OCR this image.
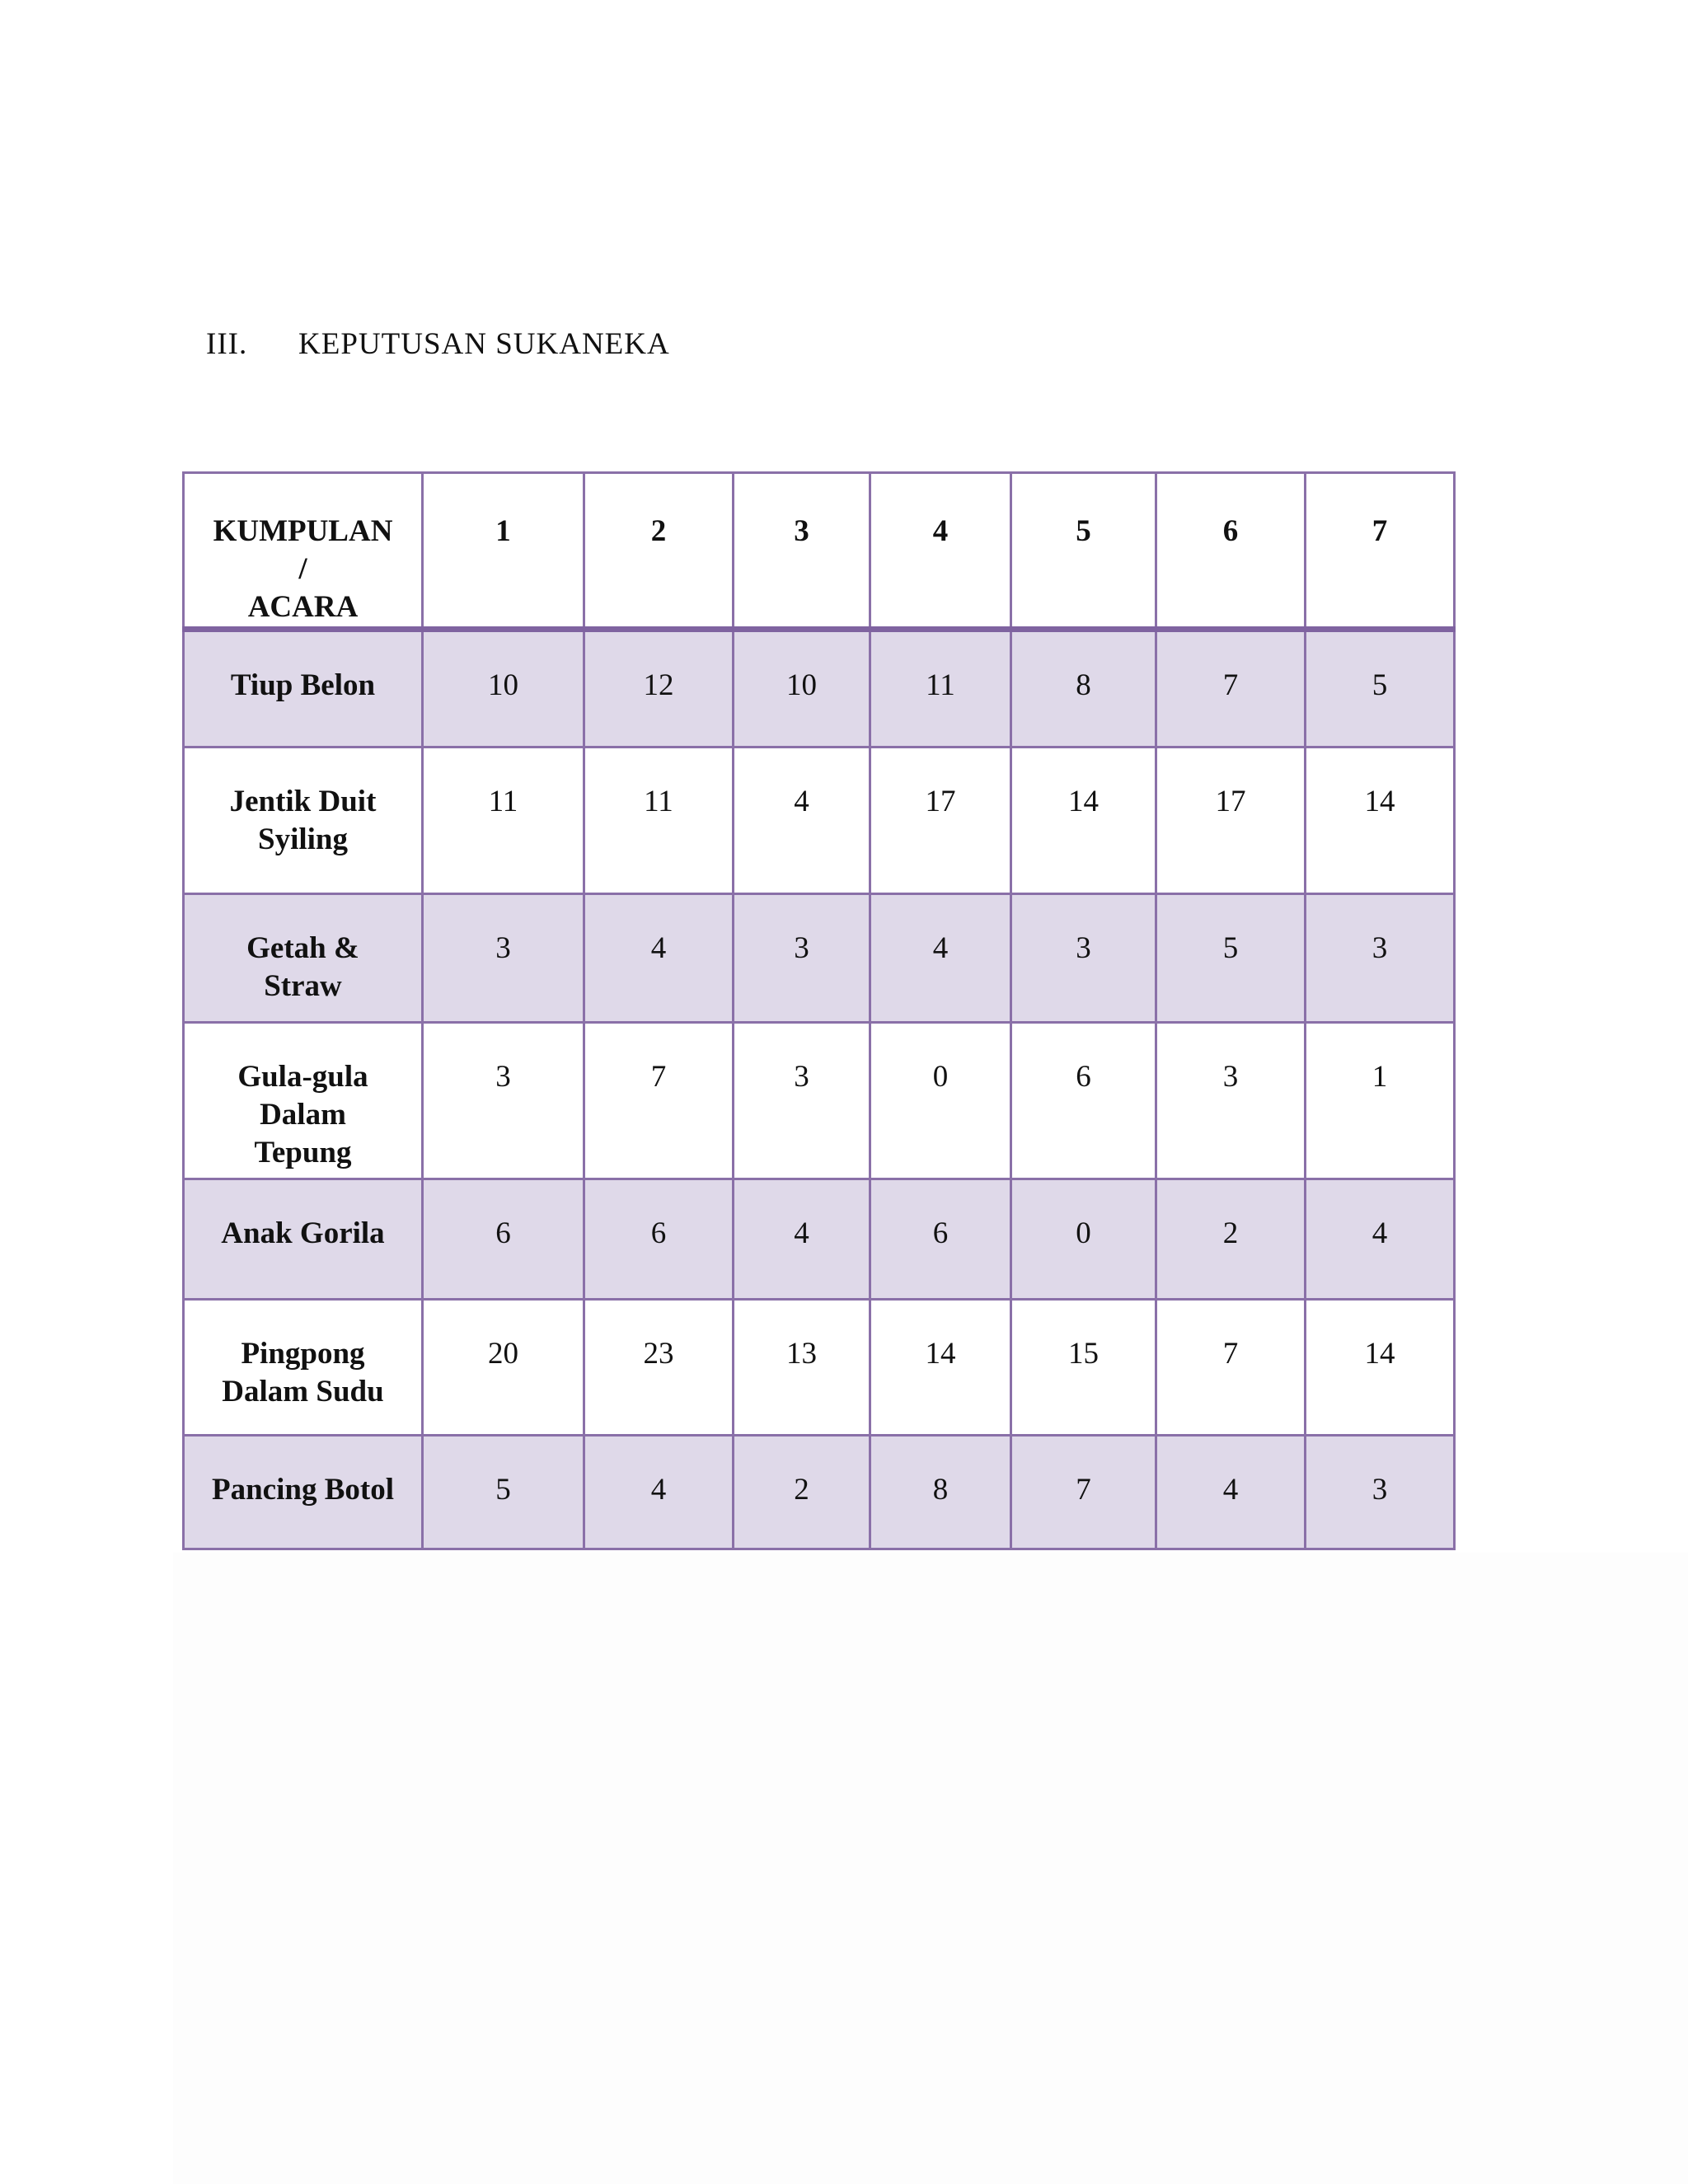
III. KEPUTUSAN SUKANEKA
KUMPULAN
/
ACARA	1	2	3	4	5	6	7

Tiup Belon	10	12	10	11	8	7	5

Jentik Duit
Syiling	11	11	4	17	14	17	14

Getah &
Straw	3	4	3	4	3	5	3

Gula-gula
Dalam
Tepung	3	7	3	0	6	3	1

Anak Gorila	6	6	4	6	0	2	4

Pingpong
Dalam Sudu	20	23	13	14	15	7	14

Pancing Botol	5	4	2	8	7	4	3
